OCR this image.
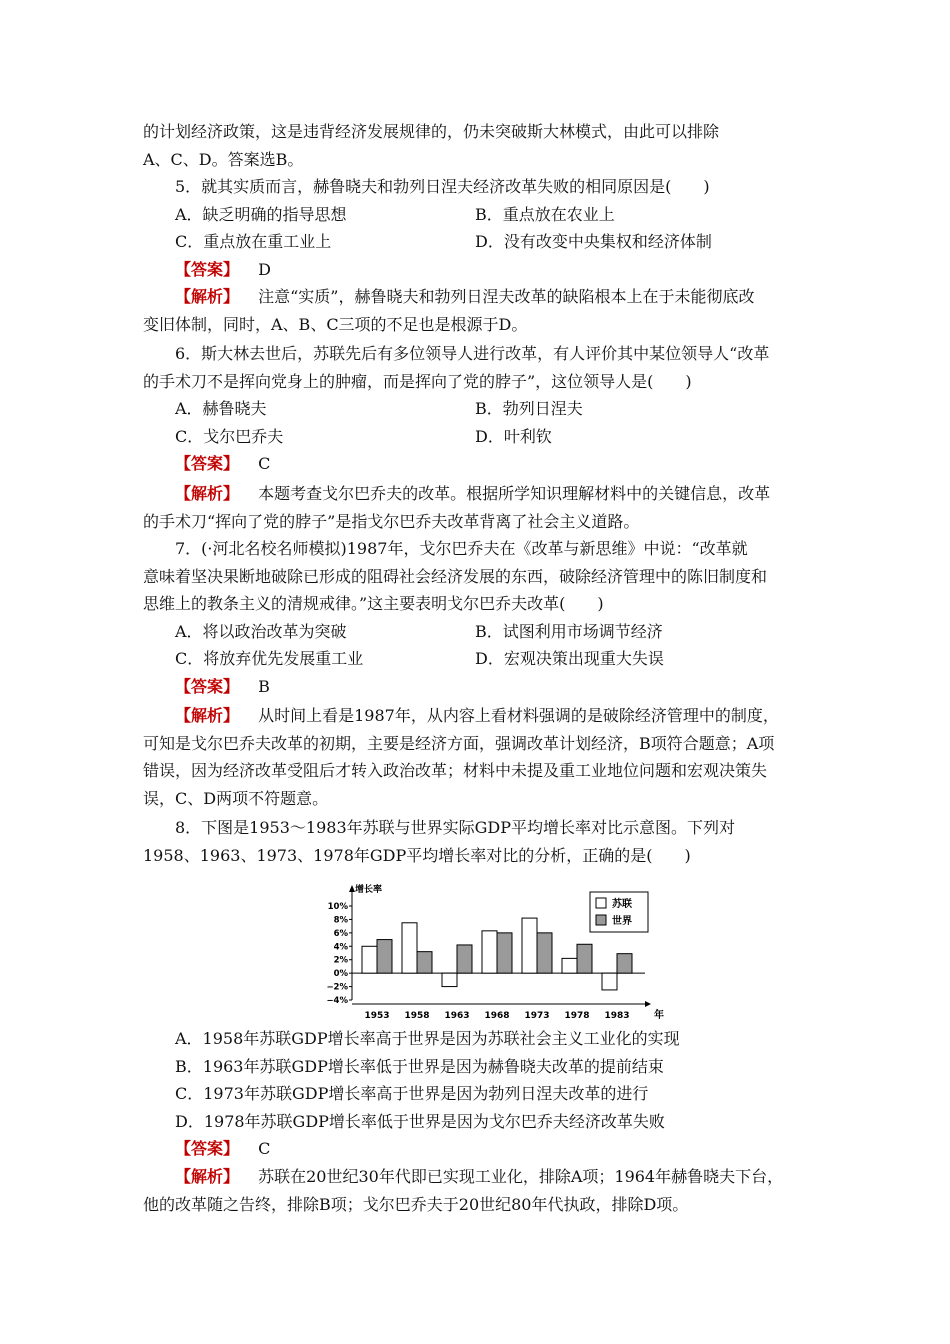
的计划经济政策，这是违背经济发展规律的，仍未突破斯大林模式，由此可以排除
A、C、D。答案选B。
5．就其实质而言，赫鲁晓夫和勃列日涅夫经济改革失败的相同原因是(　　)
A．缺乏明确的指导思想	B．重点放在农业上
C．重点放在重工业上	D．没有改变中央集权和经济体制
【答案】 D
【解析】 注意“实质”，赫鲁晓夫和勃列日涅夫改革的缺陷根本上在于未能彻底改
变旧体制，同时，A、B、C三项的不足也是根源于D。
6．斯大林去世后，苏联先后有多位领导人进行改革，有人评价其中某位领导人“改革
的手术刀不是挥向党身上的肿瘤，而是挥向了党的脖子”，这位领导人是(　　)
A．赫鲁晓夫	B．勃列日涅夫
C．戈尔巴乔夫	D．叶利钦
【答案】 C
【解析】 本题考查戈尔巴乔夫的改革。根据所学知识理解材料中的关键信息，改革
的手术刀“挥向了党的脖子”是指戈尔巴乔夫改革背离了社会主义道路。
7．(·河北名校名师模拟)1987年，戈尔巴乔夫在《改革与新思维》中说：“改革就
意味着坚决果断地破除已形成的阻碍社会经济发展的东西，破除经济管理中的陈旧制度和
思维上的教条主义的清规戒律。”这主要表明戈尔巴乔夫改革(　　)
A．将以政治改革为突破	B．试图利用市场调节经济
C．将放弃优先发展重工业	D．宏观决策出现重大失误
【答案】 B
【解析】 从时间上看是1987年，从内容上看材料强调的是破除经济管理中的制度，
可知是戈尔巴乔夫改革的初期，主要是经济方面，强调改革计划经济，B项符合题意；A项
错误，因为经济改革受阻后才转入政治改革；材料中未提及重工业地位问题和宏观决策失
误，C、D两项不符题意。
8．下图是1953～1983年苏联与世界实际GDP平均增长率对比示意图。下列对
1958、1963、1973、1978年GDP平均增长率对比的分析，正确的是(　　)
10%
8%
6%
4%
2%
0%
−2%
−4%
增长率
1953 1958 1963 1968 1973 1978 1983 年
苏联
世界
A．1958年苏联GDP增长率高于世界是因为苏联社会主义工业化的实现
B．1963年苏联GDP增长率低于世界是因为赫鲁晓夫改革的提前结束
C．1973年苏联GDP增长率高于世界是因为勃列日涅夫改革的进行
D．1978年苏联GDP增长率低于世界是因为戈尔巴乔夫经济改革失败
【答案】 C
【解析】 苏联在20世纪30年代即已实现工业化，排除A项；1964年赫鲁晓夫下台，
他的改革随之告终，排除B项；戈尔巴乔夫于20世纪80年代执政，排除D项。
